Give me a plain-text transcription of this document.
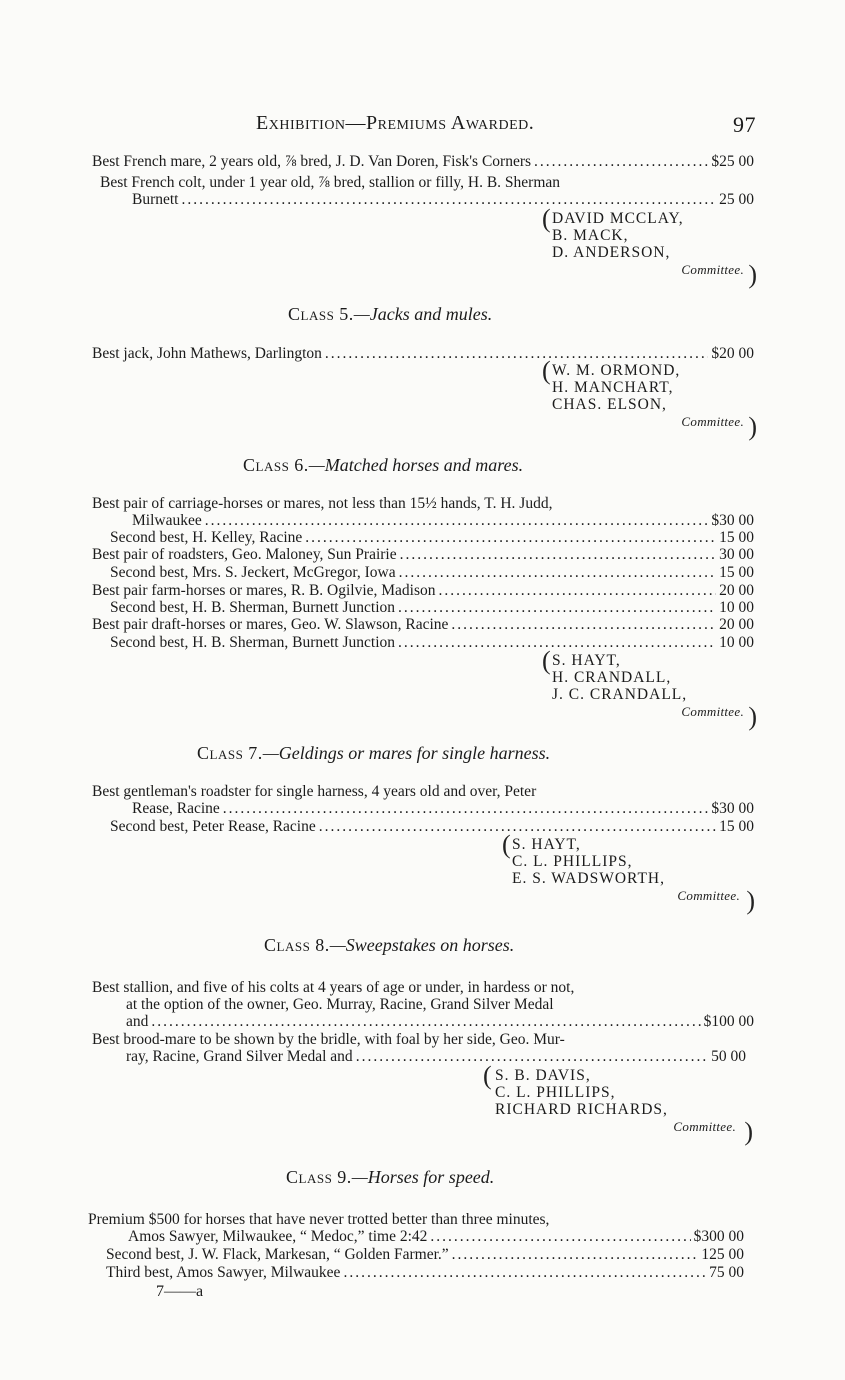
Exhibition—Premiums Awarded.	97
Best French mare, 2 years old, ⅞ bred, J. D. Van Doren, Fisk's Corners .....	$25 00
Best French colt, under 1 year old, ⅞ bred, stallion or filly, H. B. Sherman
Burnett .....	25 00
( DAVID MCCLAY,
B. MACK,
D. ANDERSON,
Committee. )
Class 5.—Jacks and mules.
Best jack, John Mathews, Darlington .....	$20 00
( W. M. ORMOND,
H. MANCHART,
CHAS. ELSON,
Committee. )
Class 6.—Matched horses and mares.
Best pair of carriage-horses or mares, not less than 15½ hands, T. H. Judd,
Milwaukee .....	$30 00
Second best, H. Kelley, Racine .....	15 00
Best pair of roadsters, Geo. Maloney, Sun Prairie .....	30 00
Second best, Mrs. S. Jeckert, McGregor, Iowa .....	15 00
Best pair farm-horses or mares, R. B. Ogilvie, Madison .....	20 00
Second best, H. B. Sherman, Burnett Junction .....	10 00
Best pair draft-horses or mares, Geo. W. Slawson, Racine .....	20 00
Second best, H. B. Sherman, Burnett Junction .....	10 00
( S. HAYT,
H. CRANDALL,
J. C. CRANDALL,
Committee. )
Class 7.—Geldings or mares for single harness.
Best gentleman's roadster for single harness, 4 years old and over, Peter
Rease, Racine .....	$30 00
Second best, Peter Rease, Racine .....	15 00
( S. HAYT,
C. L. PHILLIPS,
E. S. WADSWORTH,
Committee. )
Class 8.—Sweepstakes on horses.
Best stallion, and five of his colts at 4 years of age or under, in hardess or not,
at the option of the owner, Geo. Murray, Racine, Grand Silver Medal
and .....	$100 00
Best brood-mare to be shown by the bridle, with foal by her side, Geo. Mur-
ray, Racine, Grand Silver Medal and .....	50 00
( S. B. DAVIS,
C. L. PHILLIPS,
RICHARD RICHARDS,
Committee. )
Class 9.—Horses for speed.
Premium $500 for horses that have never trotted better than three minutes,
Amos Sawyer, Milwaukee, “ Medoc,” time 2:42 .....	$300 00
Second best, J. W. Flack, Markesan, “ Golden Farmer.” .....	125 00
Third best, Amos Sawyer, Milwaukee .....	75 00
7——a
